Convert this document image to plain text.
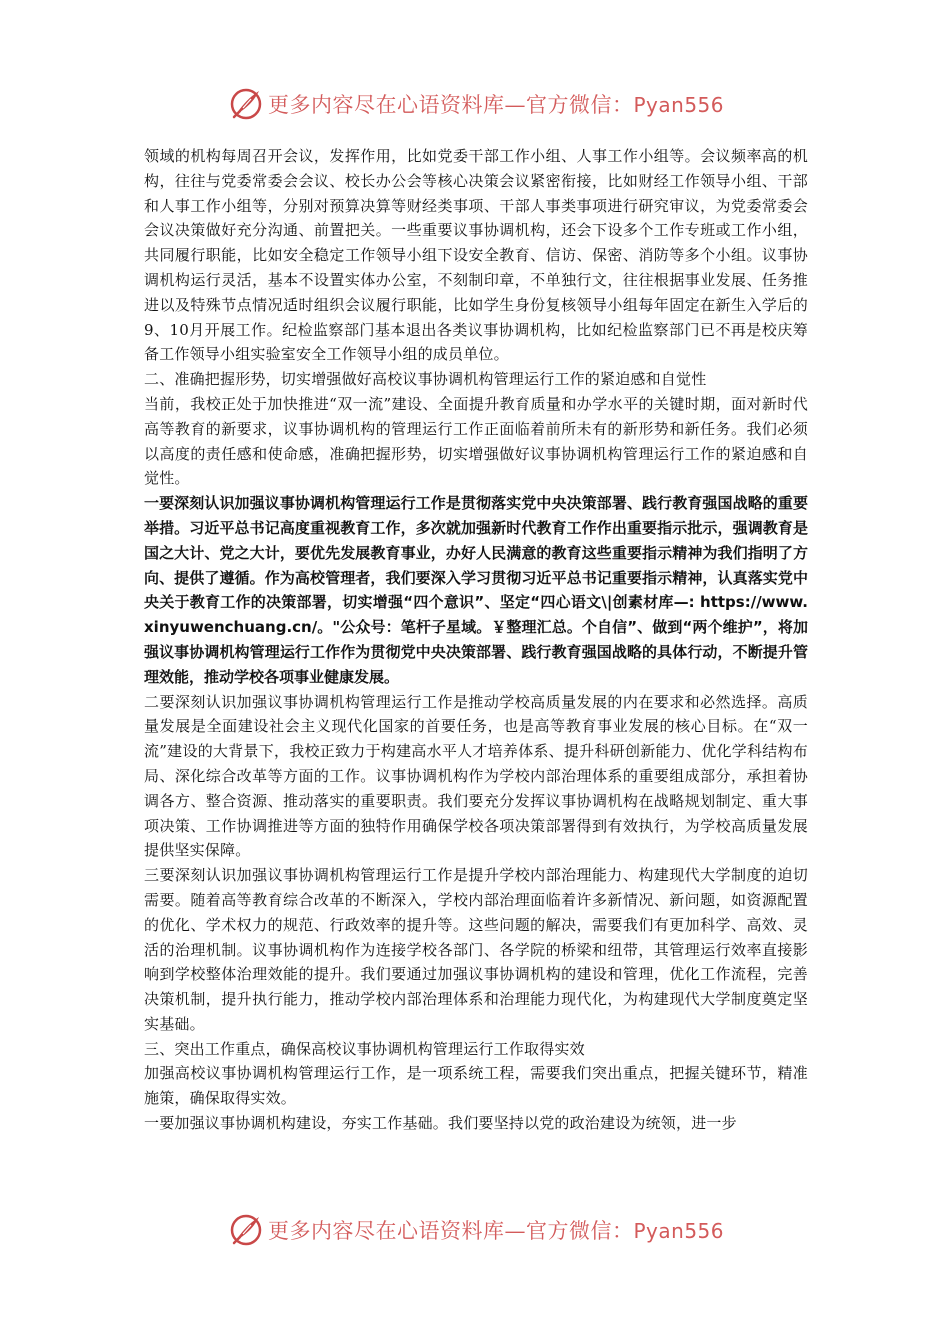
更多内容尽在心语资料库—官方微信：Pyan556

领域的机构每周召开会议，发挥作用，比如党委干部工作小组、人事工作小组等。会议频率高的机构，往往与党委常委会会议、校长办公会等核心决策会议紧密衔接，比如财经工作领导小组、干部和人事工作小组等，分别对预算决算等财经类事项、干部人事类事项进行研究审议，为党委常委会会议决策做好充分沟通、前置把关。一些重要议事协调机构，还会下设多个工作专班或工作小组，共同履行职能，比如安全稳定工作领导小组下设安全教育、信访、保密、消防等多个小组。议事协调机构运行灵活，基本不设置实体办公室，不刻制印章，不单独行文，往往根据事业发展、任务推进以及特殊节点情况适时组织会议履行职能，比如学生身份复核领导小组每年固定在新生入学后的9、10月开展工作。纪检监察部门基本退出各类议事协调机构，比如纪检监察部门已不再是校庆筹备工作领导小组实验室安全工作领导小组的成员单位。

二、准确把握形势，切实增强做好高校议事协调机构管理运行工作的紧迫感和自觉性

当前，我校正处于加快推进“双一流”建设、全面提升教育质量和办学水平的关键时期，面对新时代高等教育的新要求，议事协调机构的管理运行工作正面临着前所未有的新形势和新任务。我们必须以高度的责任感和使命感，准确把握形势，切实增强做好议事协调机构管理运行工作的紧迫感和自觉性。

一要深刻认识加强议事协调机构管理运行工作是贯彻落实党中央决策部署、践行教育强国战略的重要举措。习近平总书记高度重视教育工作，多次就加强新时代教育工作作出重要指示批示，强调教育是国之大计、党之大计，要优先发展教育事业，办好人民满意的教育这些重要指示精神为我们指明了方向、提供了遵循。作为高校管理者，我们要深入学习贯彻习近平总书记重要指示精神，认真落实党中央关于教育工作的决策部署，切实增强“四个意识”、坚定“四心语文\|创素材库—: https://www.xinyuwenchuang.cn/。"公众号：笔杆子星域。￥整理汇总。个自信”、做到“两个维护”，将加强议事协调机构管理运行工作作为贯彻党中央决策部署、践行教育强国战略的具体行动，不断提升管理效能，推动学校各项事业健康发展。

二要深刻认识加强议事协调机构管理运行工作是推动学校高质量发展的内在要求和必然选择。高质量发展是全面建设社会主义现代化国家的首要任务，也是高等教育事业发展的核心目标。在“双一流”建设的大背景下，我校正致力于构建高水平人才培养体系、提升科研创新能力、优化学科结构布局、深化综合改革等方面的工作。议事协调机构作为学校内部治理体系的重要组成部分，承担着协调各方、整合资源、推动落实的重要职责。我们要充分发挥议事协调机构在战略规划制定、重大事项决策、工作协调推进等方面的独特作用确保学校各项决策部署得到有效执行，为学校高质量发展提供坚实保障。

三要深刻认识加强议事协调机构管理运行工作是提升学校内部治理能力、构建现代大学制度的迫切需要。随着高等教育综合改革的不断深入，学校内部治理面临着许多新情况、新问题，如资源配置的优化、学术权力的规范、行政效率的提升等。这些问题的解决，需要我们有更加科学、高效、灵活的治理机制。议事协调机构作为连接学校各部门、各学院的桥梁和纽带，其管理运行效率直接影响到学校整体治理效能的提升。我们要通过加强议事协调机构的建设和管理，优化工作流程，完善决策机制，提升执行能力，推动学校内部治理体系和治理能力现代化，为构建现代大学制度奠定坚实基础。

三、突出工作重点，确保高校议事协调机构管理运行工作取得实效

加强高校议事协调机构管理运行工作，是一项系统工程，需要我们突出重点，把握关键环节，精准施策，确保取得实效。

一要加强议事协调机构建设，夯实工作基础。我们要坚持以党的政治建设为统领，进一步

更多内容尽在心语资料库—官方微信：Pyan556
